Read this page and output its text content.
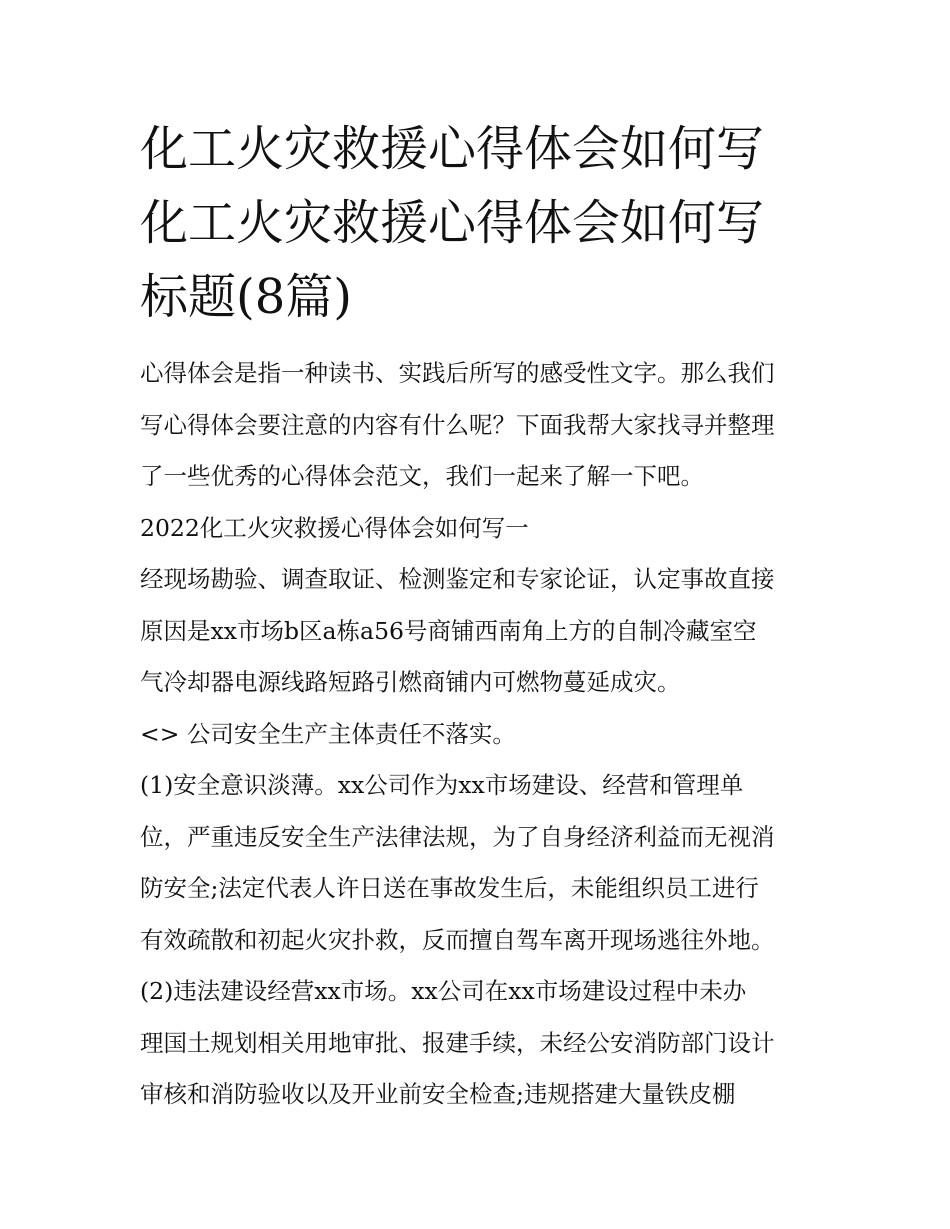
化工火灾救援心得体会如何写
化工火灾救援心得体会如何写
标题(8篇)

心得体会是指一种读书、实践后所写的感受性文字。那么我们
写心得体会要注意的内容有什么呢？下面我帮大家找寻并整理
了一些优秀的心得体会范文，我们一起来了解一下吧。

2022化工火灾救援心得体会如何写一

经现场勘验、调查取证、检测鉴定和专家论证，认定事故直接
原因是xx市场b区a栋a56号商铺西南角上方的自制冷藏室空
气冷却器电源线路短路引燃商铺内可燃物蔓延成灾。

<> 公司安全生产主体责任不落实。

(1)安全意识淡薄。xx公司作为xx市场建设、经营和管理单
位，严重违反安全生产法律法规，为了自身经济利益而无视消
防安全;法定代表人许日送在事故发生后，未能组织员工进行
有效疏散和初起火灾扑救，反而擅自驾车离开现场逃往外地。

(2)违法建设经营xx市场。xx公司在xx市场建设过程中未办
理国土规划相关用地审批、报建手续，未经公安消防部门设计
审核和消防验收以及开业前安全检查;违规搭建大量铁皮棚
